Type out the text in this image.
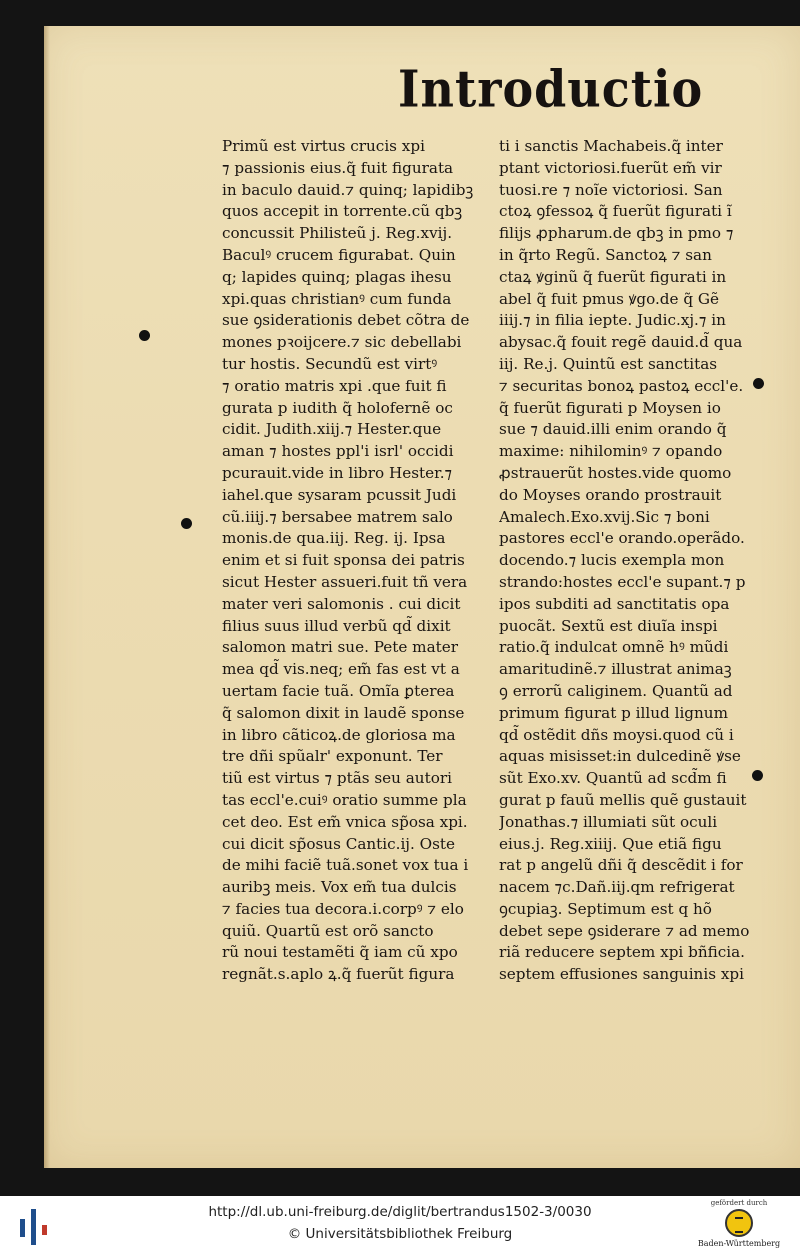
Introductio
Primũ est virtus crucis xpi
⁊ passionis eius.q̃ fuit figurata
in baculo dauid.⁊ quinq; lapidibꝫ
quos accepit in torrente.cũ qbꝫ
concussit Philisteũ j. Reg.xvij.
Baculꝰ crucem figurabat. Quin
q; lapides quinq; plagas ihesu
xpi.quas christianꝰ cum funda
sue ꝯsiderationis debet cõtra de
mones pꝛoijcere.⁊ sic debellabi
tur hostis. Secundũ est virtꝰ
⁊ oratio matris xpi .que fuit fi
gurata p iudith q̃ holofernẽ oc
cidit. Judith.xiij.⁊ Hester.que
aman ⁊ hostes ppl'i isrl' occidi
pcurauit.vide in libro Hester.⁊
iahel.que sysaram pcussit Judi
cũ.iiij.⁊ bersabee matrem salo
monis.de qua.iij. Reg. ij. Ipsa
enim et si fuit sponsa dei patris
sicut Hester assueri.fuit tñ vera
mater veri salomonis . cui dicit
filius suus illud verbũ qd̃ dixit
salomon matri sue. Pete mater
mea qd̃ vis.neq; em̃ fas est vt a
uertam facie tuã. Omĩa ꝑterea
q̃ salomon dixit in laudẽ sponse
in libro cãticoꝝ.de gloriosa ma
tre dñi spũalr' exponunt. Ter
tiũ est virtus ⁊ ptãs seu autori
tas eccl'e.cuiꝰ oratio summe pla
cet deo. Est em̃ vnica sp̃osa xpi.
cui dicit sp̃osus Cantic.ij. Oste
de mihi faciẽ tuã.sonet vox tua i
auribꝫ meis. Vox em̃ tua dulcis
⁊ facies tua decora.i.corpꝰ ⁊ elo
quiũ. Quartũ est orõ sancto
rũ noui testamẽti q̃ iam cũ xpo
regnãt.s.aplo ꝝ.q̃ fuerũt figura
ti i sanctis Machabeis.q̃ inter
ptant victoriosi.fuerũt em̃ vir
tuosi.re ⁊ noĩe victoriosi. San
ctoꝝ ꝯfessoꝝ q̃ fuerũt figurati ĩ
filijs ꝓpharum.de qbꝫ in pmo ⁊
in q̃rto Regũ. Sanctoꝝ ⁊ san
ctaꝝ ꝟginũ q̃ fuerũt figurati in
abel q̃ fuit pmus ꝟgo.de q̃ Gẽ
iiij.⁊ in filia iepte. Judic.xj.⁊ in
abysac.q̃ fouit regẽ dauid.d̃ qua
iij. Re.j. Quintũ est sanctitas
⁊ securitas bonoꝝ pastoꝝ eccl'e.
q̃ fuerũt figurati p Moysen io
sue ⁊ dauid.illi enim orando q̃
maxime: nihilominꝰ ⁊ opando
ꝓstrauerũt hostes.vide quomo
do Moyses orando prostrauit
Amalech.Exo.xvij.Sic ⁊ boni
pastores eccl'e orando.operãdo.
docendo.⁊ lucis exempla mon
strando:hostes eccl'e supant.⁊ p
ipos subditi ad sanctitatis opa
puocãt. Sextũ est diuĩa inspi
ratio.q̃ indulcat omnẽ hꝰ mũdi
amaritudinẽ.⁊ illustrat animaꝫ
ꝯ errorũ caliginem. Quantũ ad
primum figurat p illud lignum
qd̃ ostẽdit dñs moysi.quod cũ i
aquas misisset:in dulcedinẽ ꝟse
sũt Exo.xv. Quantũ ad scd̃m fi
gurat p fauũ mellis quẽ gustauit
Jonathas.⁊ illumiati sũt oculi
eius.j. Reg.xiiij. Que etiã figu
rat p angelũ dñi q̃ descẽdit i for
nacem ⁊c.Dañ.iij.qm refrigerat
ꝯcupiaꝫ. Septimum est q hõ
debet sepe ꝯsiderare ⁊ ad memo
riã reducere septem xpi bñficia.
septem effusiones sanguinis xpi
http://dl.ub.uni-freiburg.de/diglit/bertrandus1502-3/0030
© Universitätsbibliothek Freiburg
gefördert durch
Baden-Württemberg
